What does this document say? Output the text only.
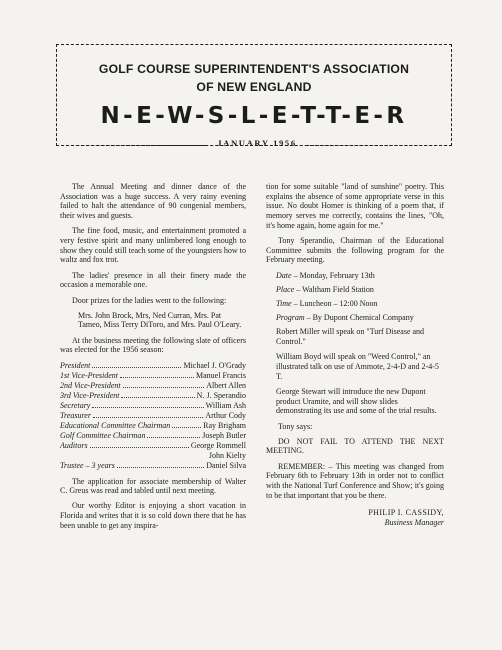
GOLF COURSE SUPERINTENDENT'S ASSOCIATION
OF NEW ENGLAND
N-E-W-S-L-E-T-T-E-R
JANUARY 1956

The Annual Meeting and dinner dance of the Association was a huge success. A very rainy evening failed to halt the attendance of 90 congenial members, their wives and guests.

The fine food, music, and entertainment promoted a very festive spirit and many unlimbered long enough to show they could still teach some of the youngsters how to waltz and fox trot.

The ladies' presence in all their finery made the occasion a memorable one.

Door prizes for the ladies went to the following:

Mrs. John Brock, Mrs, Ned Curran, Mrs. Pat Tameo, Miss Terry DiToro, and Mrs. Paul O'Leary.

At the business meeting the following slate of officers was elected for the 1956 season:

President	Michael J. O'Grady
1st Vice-President	Manuel Francis
2nd Vice-President	Albert Allen
3rd Vice-President	N. J. Sperandio
Secretary	William Ash
Treasurer	Arthur Cody
Educational Committee Chairman	Ray Brigham
Golf Committee Chairman	Joseph Butler
Auditors	George Rommell
John Kielty
Trustee – 3 years	Daniel Silva

The application for associate membership of Walter C. Greus was read and tabled until next meeting.

Our worthy Editor is enjoying a short vacation in Florida and writes that it is so cold down there that he has been unable to get any inspira-

tion for some suitable "land of sunshine" poetry. This explains the absence of some appropriate verse in this issue. No doubt Homer is thinking of a poem that, if memory serves me correctly, contains the lines, "Oh, it's home again, home again for me."

Tony Sperandio, Chairman of the Educational Committee submits the following program for the February meeting.

Date – Monday, February 13th
Place – Waltham Field Station
Time – Luncheon – 12:00 Noon
Program – By Dupont Chemical Company

Robert Miller will speak on "Turf Disease and Control."

William Boyd will speak on "Weed Control," an illustrated talk on use of Ammote, 2-4-D and 2-4-5 T.

George Stewart will introduce the new Dupont product Uramite, and will show slides demonstrating its use and some of the trial results.

Tony says:

DO NOT FAIL TO ATTEND THE NEXT MEETING.

REMEMBER: – This meeting was changed from February 6th to February 13th in order not to conflict with the National Turf Conference and Show; it's going to be that important that you be there.

PHILIP I. CASSIDY,
Business Manager
